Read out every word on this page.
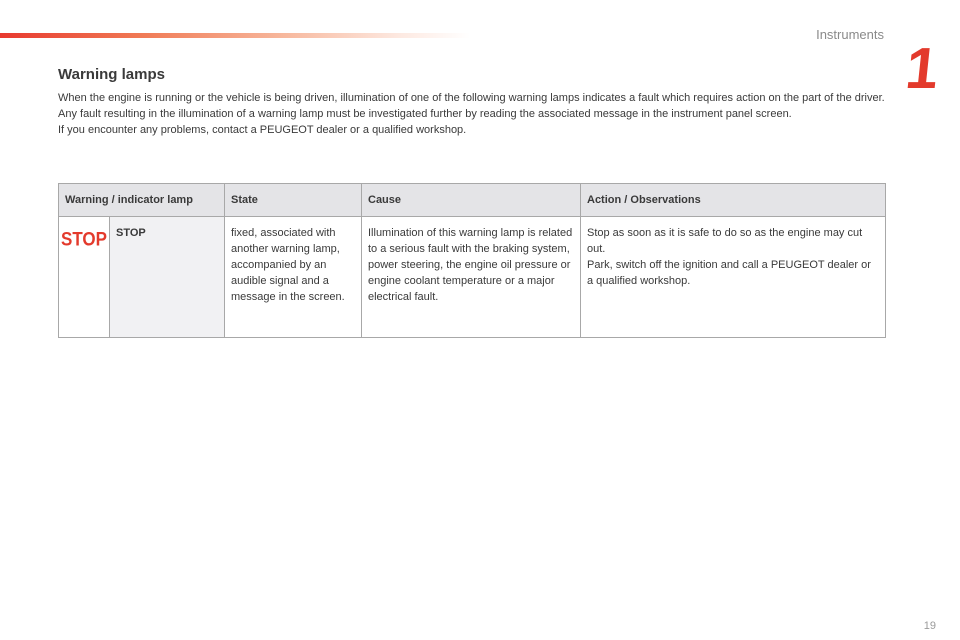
Instruments
1
Warning lamps

When the engine is running or the vehicle is being driven, illumination of one of the following warning lamps indicates a fault which requires action on the part of the driver.

Any fault resulting in the illumination of a warning lamp must be investigated further by reading the associated message in the instrument panel screen.

If you encounter any problems, contact a PEUGEOT dealer or a qualified workshop.

Warning / indicator lamp		State	Cause	Action / Observations

STOP	STOP	fixed, associated with another warning lamp, accompanied by an audible signal and a message in the screen.	Illumination of this warning lamp is related to a serious fault with the braking system, power steering, the engine oil pressure or engine coolant temperature or a major electrical fault.	Stop as soon as it is safe to do so as the engine may cut out.
Park, switch off the ignition and call a PEUGEOT dealer or a qualified workshop.
19
